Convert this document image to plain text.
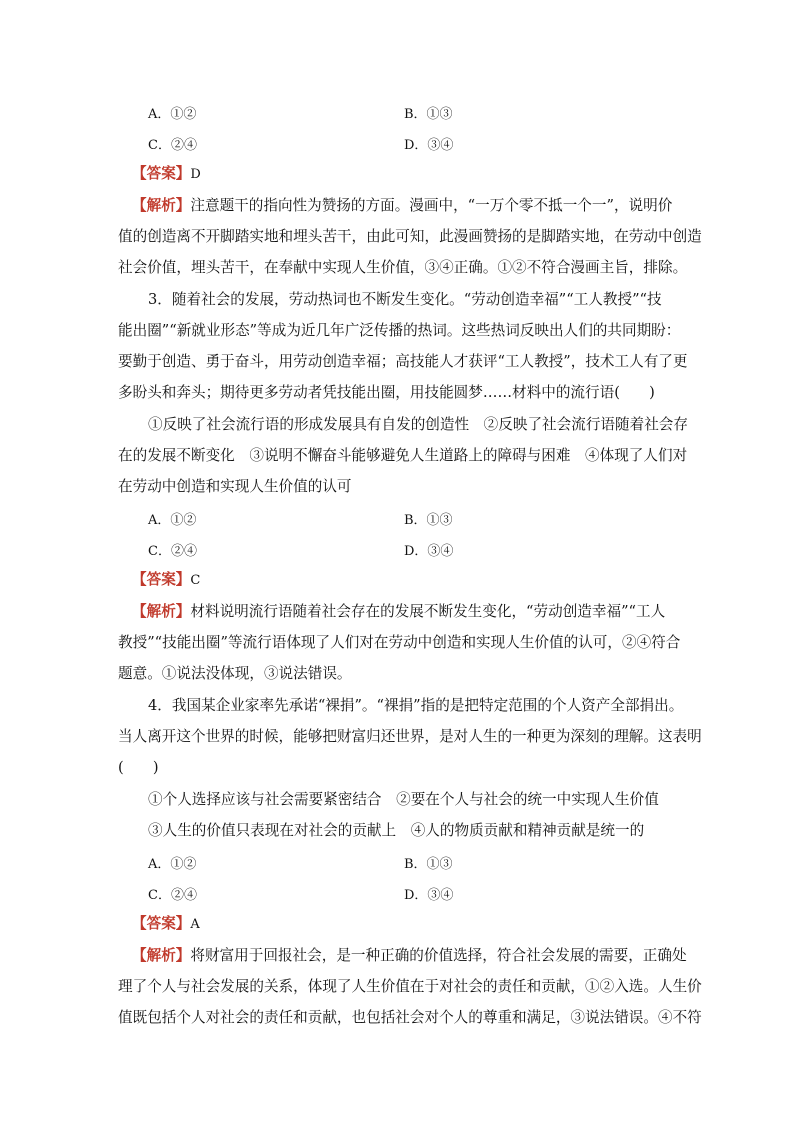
A．①②	B．①③
C．②④	D．③④
【答案】D
【解析】注意题干的指向性为赞扬的方面。漫画中，“一万个零不抵一个一”，说明价
值的创造离不开脚踏实地和埋头苦干，由此可知，此漫画赞扬的是脚踏实地，在劳动中创造
社会价值，埋头苦干，在奉献中实现人生价值，③④正确。①②不符合漫画主旨，排除。
3．随着社会的发展，劳动热词也不断发生变化。“劳动创造幸福”“工人教授”“技
能出圈”“新就业形态”等成为近几年广泛传播的热词。这些热词反映出人们的共同期盼：
要勤于创造、勇于奋斗，用劳动创造幸福；高技能人才获评“工人教授”，技术工人有了更
多盼头和奔头；期待更多劳动者凭技能出圈，用技能圆梦……材料中的流行语(　　)
①反映了社会流行语的形成发展具有自发的创造性　②反映了社会流行语随着社会存
在的发展不断变化　③说明不懈奋斗能够避免人生道路上的障碍与困难　④体现了人们对
在劳动中创造和实现人生价值的认可
A．①②	B．①③
C．②④	D．③④
【答案】C
【解析】材料说明流行语随着社会存在的发展不断发生变化，“劳动创造幸福”“工人
教授”“技能出圈”等流行语体现了人们对在劳动中创造和实现人生价值的认可，②④符合
题意。①说法没体现，③说法错误。
4．我国某企业家率先承诺“裸捐”。“裸捐”指的是把特定范围的个人资产全部捐出。
当人离开这个世界的时候，能够把财富归还世界，是对人生的一种更为深刻的理解。这表明
(　　)
①个人选择应该与社会需要紧密结合　②要在个人与社会的统一中实现人生价值
③人生的价值只表现在对社会的贡献上　④人的物质贡献和精神贡献是统一的
A．①②	B．①③
C．②④	D．③④
【答案】A
【解析】将财富用于回报社会，是一种正确的价值选择，符合社会发展的需要，正确处
理了个人与社会发展的关系，体现了人生价值在于对社会的责任和贡献，①②入选。人生价
值既包括个人对社会的责任和贡献，也包括社会对个人的尊重和满足，③说法错误。④不符
